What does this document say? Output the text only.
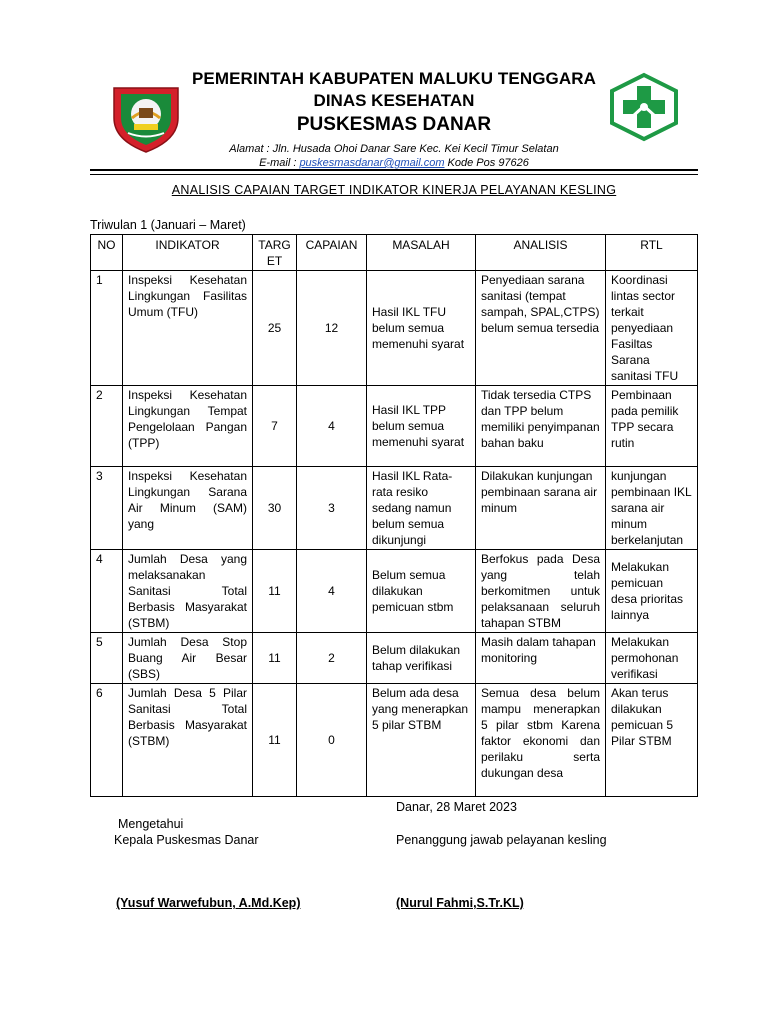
PEMERINTAH KABUPATEN MALUKU TENGGARA
DINAS KESEHATAN
PUSKESMAS DANAR
Alamat : Jln. Husada Ohoi Danar Sare Kec. Kei Kecil Timur Selatan
E-mail : puskesmasdanar@gmail.com Kode Pos 97626
ANALISIS CAPAIAN TARGET INDIKATOR KINERJA PELAYANAN KESLING
Triwulan 1 (Januari – Maret)
NO	INDIKATOR	TARG ET	CAPAIAN	MASALAH	ANALISIS	RTL
1	Inspeksi Kesehatan Lingkungan Fasilitas Umum (TFU)	25	12	Hasil IKL TFU belum semua memenuhi syarat	Penyediaan sarana sanitasi (tempat sampah, SPAL,CTPS) belum semua tersedia	Koordinasi lintas sector terkait penyediaan Fasiltas Sarana sanitasi TFU
2	Inspeksi Kesehatan Lingkungan Tempat Pengelolaan Pangan (TPP)	7	4	Hasil IKL TPP belum semua memenuhi syarat	Tidak tersedia CTPS dan TPP belum memiliki penyimpanan bahan baku	Pembinaan pada pemilik TPP secara rutin
3	Inspeksi Kesehatan Lingkungan Sarana Air Minum (SAM) yang	30	3	Hasil IKL Rata-rata resiko sedang namun belum semua dikunjungi	Dilakukan kunjungan pembinaan sarana air minum	kunjungan pembinaan IKL sarana air minum berkelanjutan
4	Jumlah Desa yang melaksanakan Sanitasi Total Berbasis Masyarakat (STBM)	11	4	Belum semua dilakukan pemicuan stbm	Berfokus pada Desa yang telah berkomitmen untuk pelaksanaan seluruh tahapan STBM	Melakukan pemicuan desa prioritas lainnya
5	Jumlah Desa Stop Buang Air Besar (SBS)	11	2	Belum dilakukan tahap verifikasi	Masih dalam tahapan monitoring	Melakukan permohonan verifikasi
6	Jumlah Desa 5 Pilar Sanitasi Total Berbasis Masyarakat (STBM)	11	0	Belum ada desa yang menerapkan 5 pilar STBM	Semua desa belum mampu menerapkan 5 pilar stbm Karena faktor ekonomi dan perilaku serta dukungan desa	Akan terus dilakukan pemicuan 5 Pilar STBM
Danar, 28 Maret 2023
Mengetahui
Kepala Puskesmas Danar	Penanggung jawab pelayanan kesling
(Yusuf Warwefubun, A.Md.Kep)	(Nurul Fahmi,S.Tr.KL)
